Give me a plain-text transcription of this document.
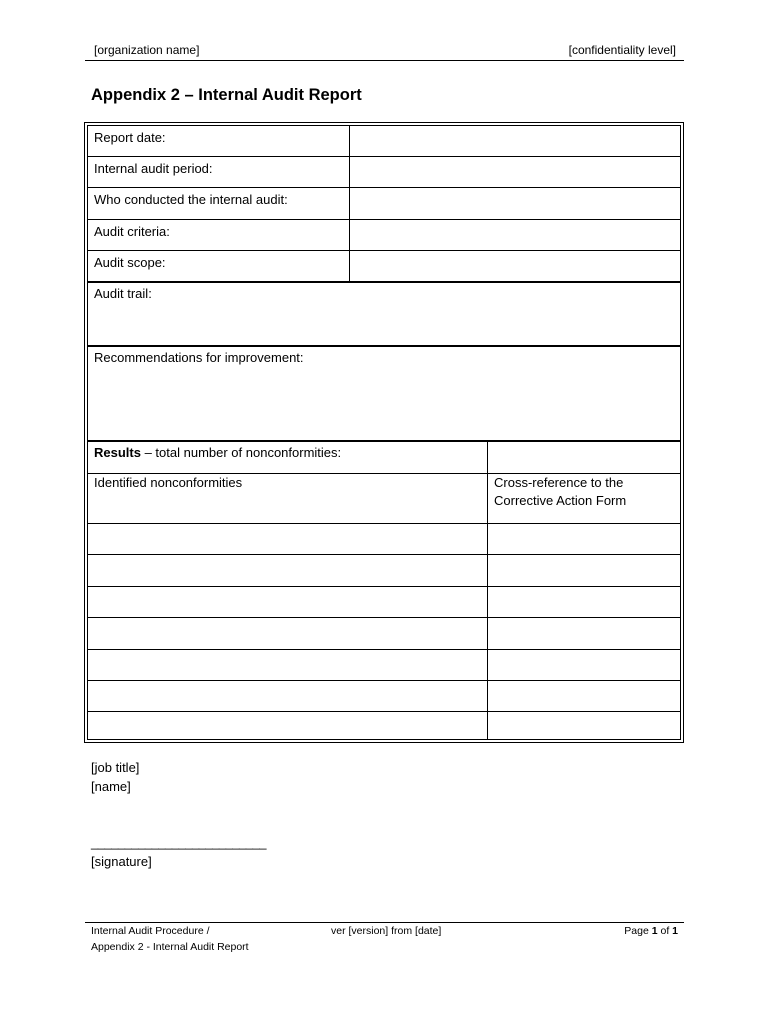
[organization name]	[confidentiality level]
Appendix 2 – Internal Audit Report
Report date:
Internal audit period:
Who conducted the internal audit:
Audit criteria:
Audit scope:
Audit trail:
Recommendations for improvement:
Results – total number of nonconformities:
Identified nonconformities	Cross-reference to the
Corrective Action Form
[job title]
[name]
__________________________
[signature]
Internal Audit Procedure /
Appendix 2 - Internal Audit Report
ver [version] from [date]	Page 1 of 1
